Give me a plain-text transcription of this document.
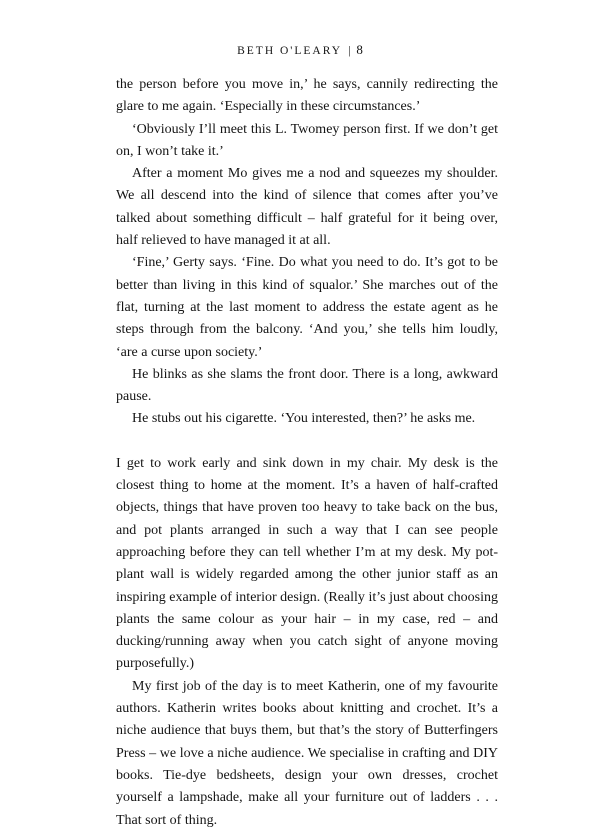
BETH O'LEARY | 8

the person before you move in,’ he says, cannily redirecting the glare to me again. ‘Especially in these circumstances.’

‘Obviously I’ll meet this L. Twomey person first. If we don’t get on, I won’t take it.’

After a moment Mo gives me a nod and squeezes my shoulder. We all descend into the kind of silence that comes after you’ve talked about something difficult – half grateful for it being over, half relieved to have managed it at all.

‘Fine,’ Gerty says. ‘Fine. Do what you need to do. It’s got to be better than living in this kind of squalor.’ She marches out of the flat, turning at the last moment to address the estate agent as he steps through from the balcony. ‘And you,’ she tells him loudly, ‘are a curse upon society.’

He blinks as she slams the front door. There is a long, awkward pause.

He stubs out his cigarette. ‘You interested, then?’ he asks me.

I get to work early and sink down in my chair. My desk is the closest thing to home at the moment. It’s a haven of half-crafted objects, things that have proven too heavy to take back on the bus, and pot plants arranged in such a way that I can see people approaching before they can tell whether I’m at my desk. My pot-plant wall is widely regarded among the other junior staff as an inspiring example of interior design. (Really it’s just about choosing plants the same colour as your hair – in my case, red – and ducking/running away when you catch sight of anyone moving purposefully.)

My first job of the day is to meet Katherin, one of my favourite authors. Katherin writes books about knitting and crochet. It’s a niche audience that buys them, but that’s the story of Butterfingers Press – we love a niche audience. We specialise in crafting and DIY books. Tie-dye bedsheets, design your own dresses, crochet yourself a lampshade, make all your furniture out of ladders . . . That sort of thing.
